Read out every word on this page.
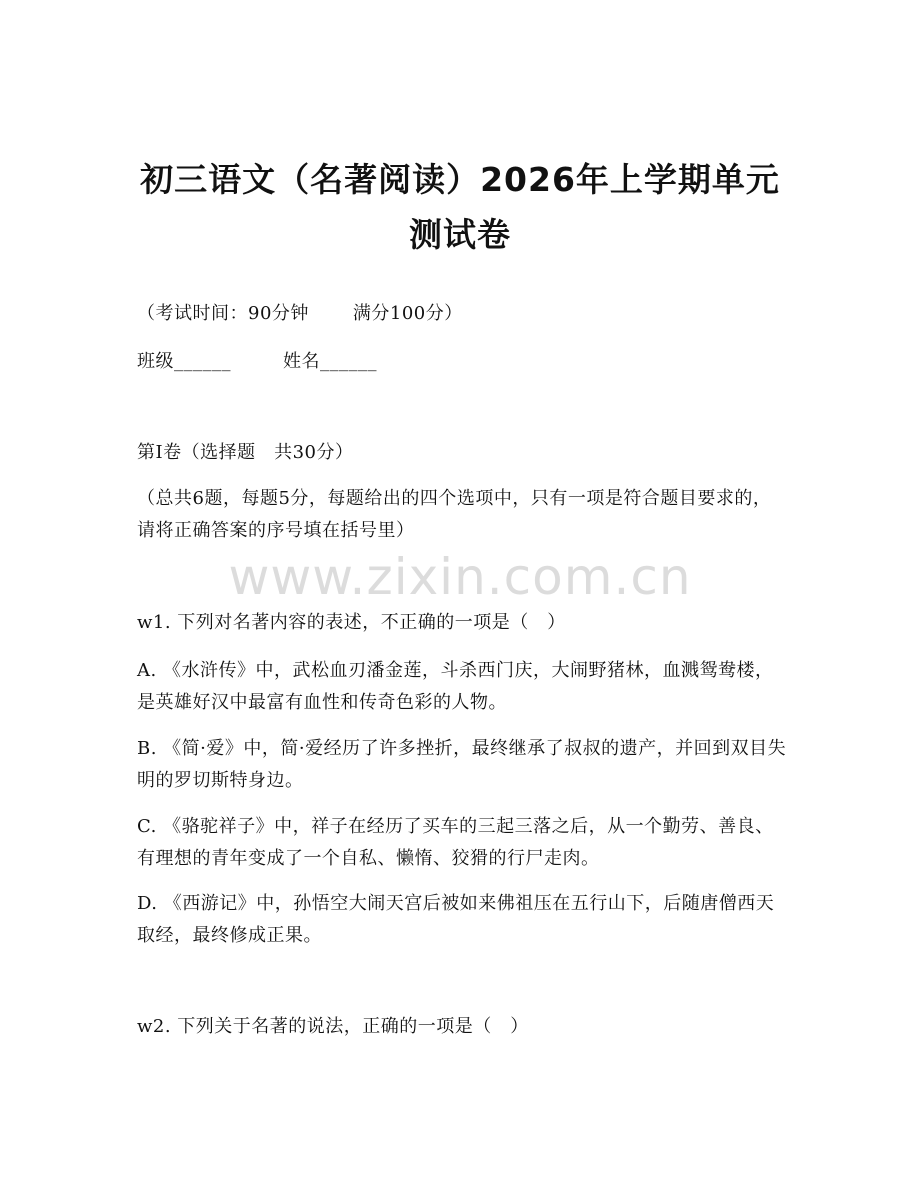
初三语文（名著阅读）2026年上学期单元测试卷
（考试时间：90分钟 满分100分）
班级______	姓名______
第Ⅰ卷（选择题　共30分）
（总共6题，每题5分，每题给出的四个选项中，只有一项是符合题目要求的，请将正确答案的序号填在括号里）
www.zixin.com.cn
w1. 下列对名著内容的表述，不正确的一项是（　）
A. 《水浒传》中，武松血刃潘金莲，斗杀西门庆，大闹野猪林，血溅鸳鸯楼，是英雄好汉中最富有血性和传奇色彩的人物。
B. 《简·爱》中，简·爱经历了许多挫折，最终继承了叔叔的遗产，并回到双目失明的罗切斯特身边。
C. 《骆驼祥子》中，祥子在经历了买车的三起三落之后，从一个勤劳、善良、有理想的青年变成了一个自私、懒惰、狡猾的行尸走肉。
D. 《西游记》中，孙悟空大闹天宫后被如来佛祖压在五行山下，后随唐僧西天取经，最终修成正果。
w2. 下列关于名著的说法，正确的一项是（　）
